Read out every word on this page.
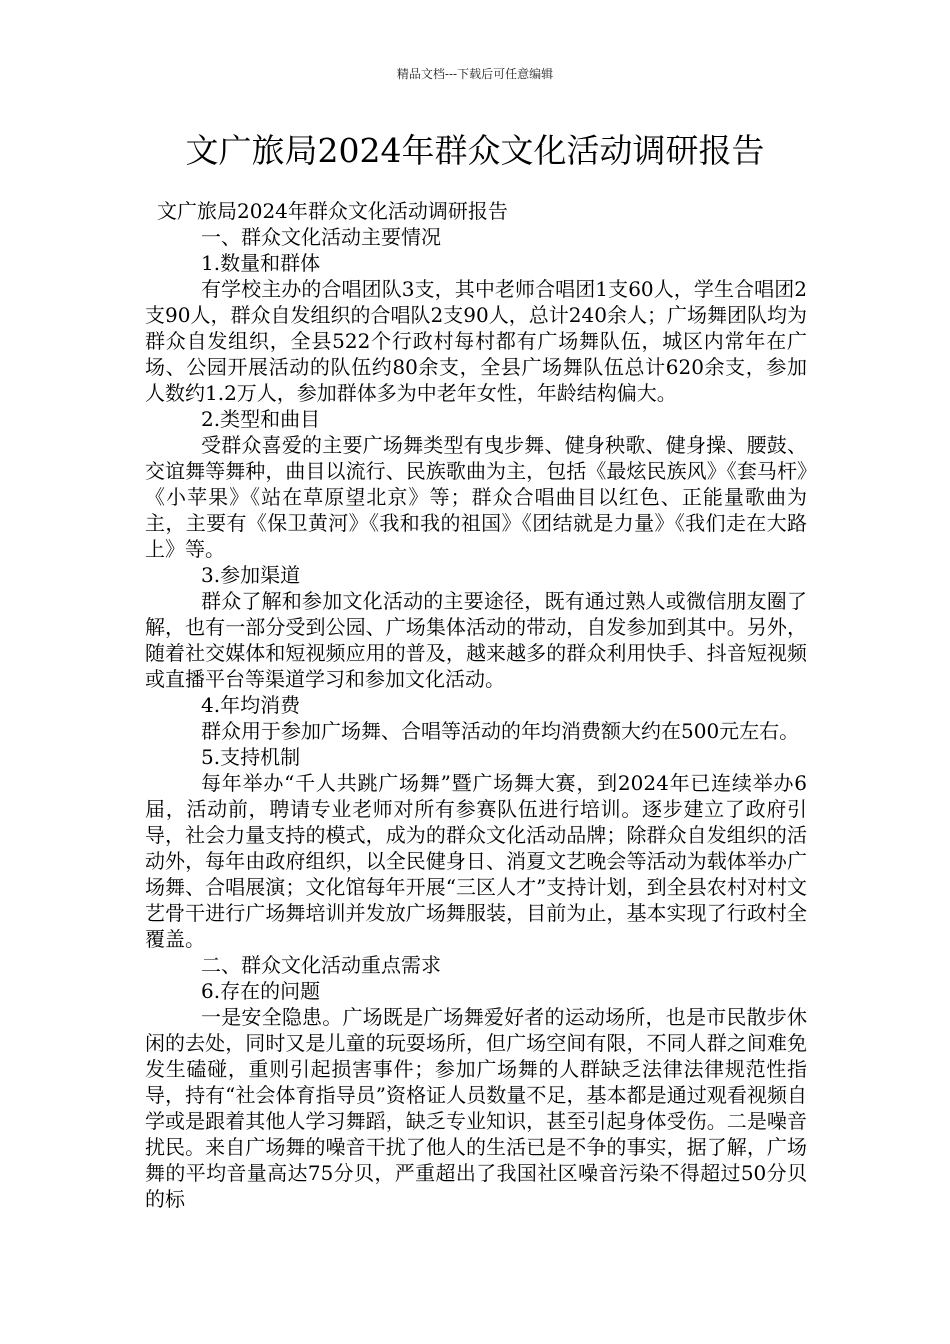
精品文档---下载后可任意编辑
文广旅局2024年群众文化活动调研报告

文广旅局2024年群众文化活动调研报告

一、群众文化活动主要情况

1.数量和群体

有学校主办的合唱团队3支，其中老师合唱团1支60人，学生合唱团2支90人，群众自发组织的合唱队2支90人，总计240余人；广场舞团队均为群众自发组织，全县522个行政村每村都有广场舞队伍，城区内常年在广场、公园开展活动的队伍约80余支，全县广场舞队伍总计620余支，参加人数约1.2万人，参加群体多为中老年女性，年龄结构偏大。

2.类型和曲目

受群众喜爱的主要广场舞类型有曳步舞、健身秧歌、健身操、腰鼓、交谊舞等舞种，曲目以流行、民族歌曲为主，包括《最炫民族风》《套马杆》《小苹果》《站在草原望北京》等；群众合唱曲目以红色、正能量歌曲为主，主要有《保卫黄河》《我和我的祖国》《团结就是力量》《我们走在大路上》等。

3.参加渠道

群众了解和参加文化活动的主要途径，既有通过熟人或微信朋友圈了解，也有一部分受到公园、广场集体活动的带动，自发参加到其中。另外，随着社交媒体和短视频应用的普及，越来越多的群众利用快手、抖音短视频或直播平台等渠道学习和参加文化活动。

4.年均消费

群众用于参加广场舞、合唱等活动的年均消费额大约在500元左右。

5.支持机制

每年举办“千人共跳广场舞”暨广场舞大赛，到2024年已连续举办6届，活动前，聘请专业老师对所有参赛队伍进行培训。逐步建立了政府引导，社会力量支持的模式，成为的群众文化活动品牌；除群众自发组织的活动外，每年由政府组织，以全民健身日、消夏文艺晚会等活动为载体举办广场舞、合唱展演；文化馆每年开展“三区人才”支持计划，到全县农村对村文艺骨干进行广场舞培训并发放广场舞服装，目前为止，基本实现了行政村全覆盖。

二、群众文化活动重点需求

6.存在的问题

一是安全隐患。广场既是广场舞爱好者的运动场所，也是市民散步休闲的去处，同时又是儿童的玩耍场所，但广场空间有限，不同人群之间难免发生磕碰，重则引起损害事件；参加广场舞的人群缺乏法律法律规范性指导，持有“社会体育指导员”资格证人员数量不足，基本都是通过观看视频自学或是跟着其他人学习舞蹈，缺乏专业知识，甚至引起身体受伤。二是噪音扰民。来自广场舞的噪音干扰了他人的生活已是不争的事实，据了解，广场舞的平均音量高达75分贝，严重超出了我国社区噪音污染不得超过50分贝的标
